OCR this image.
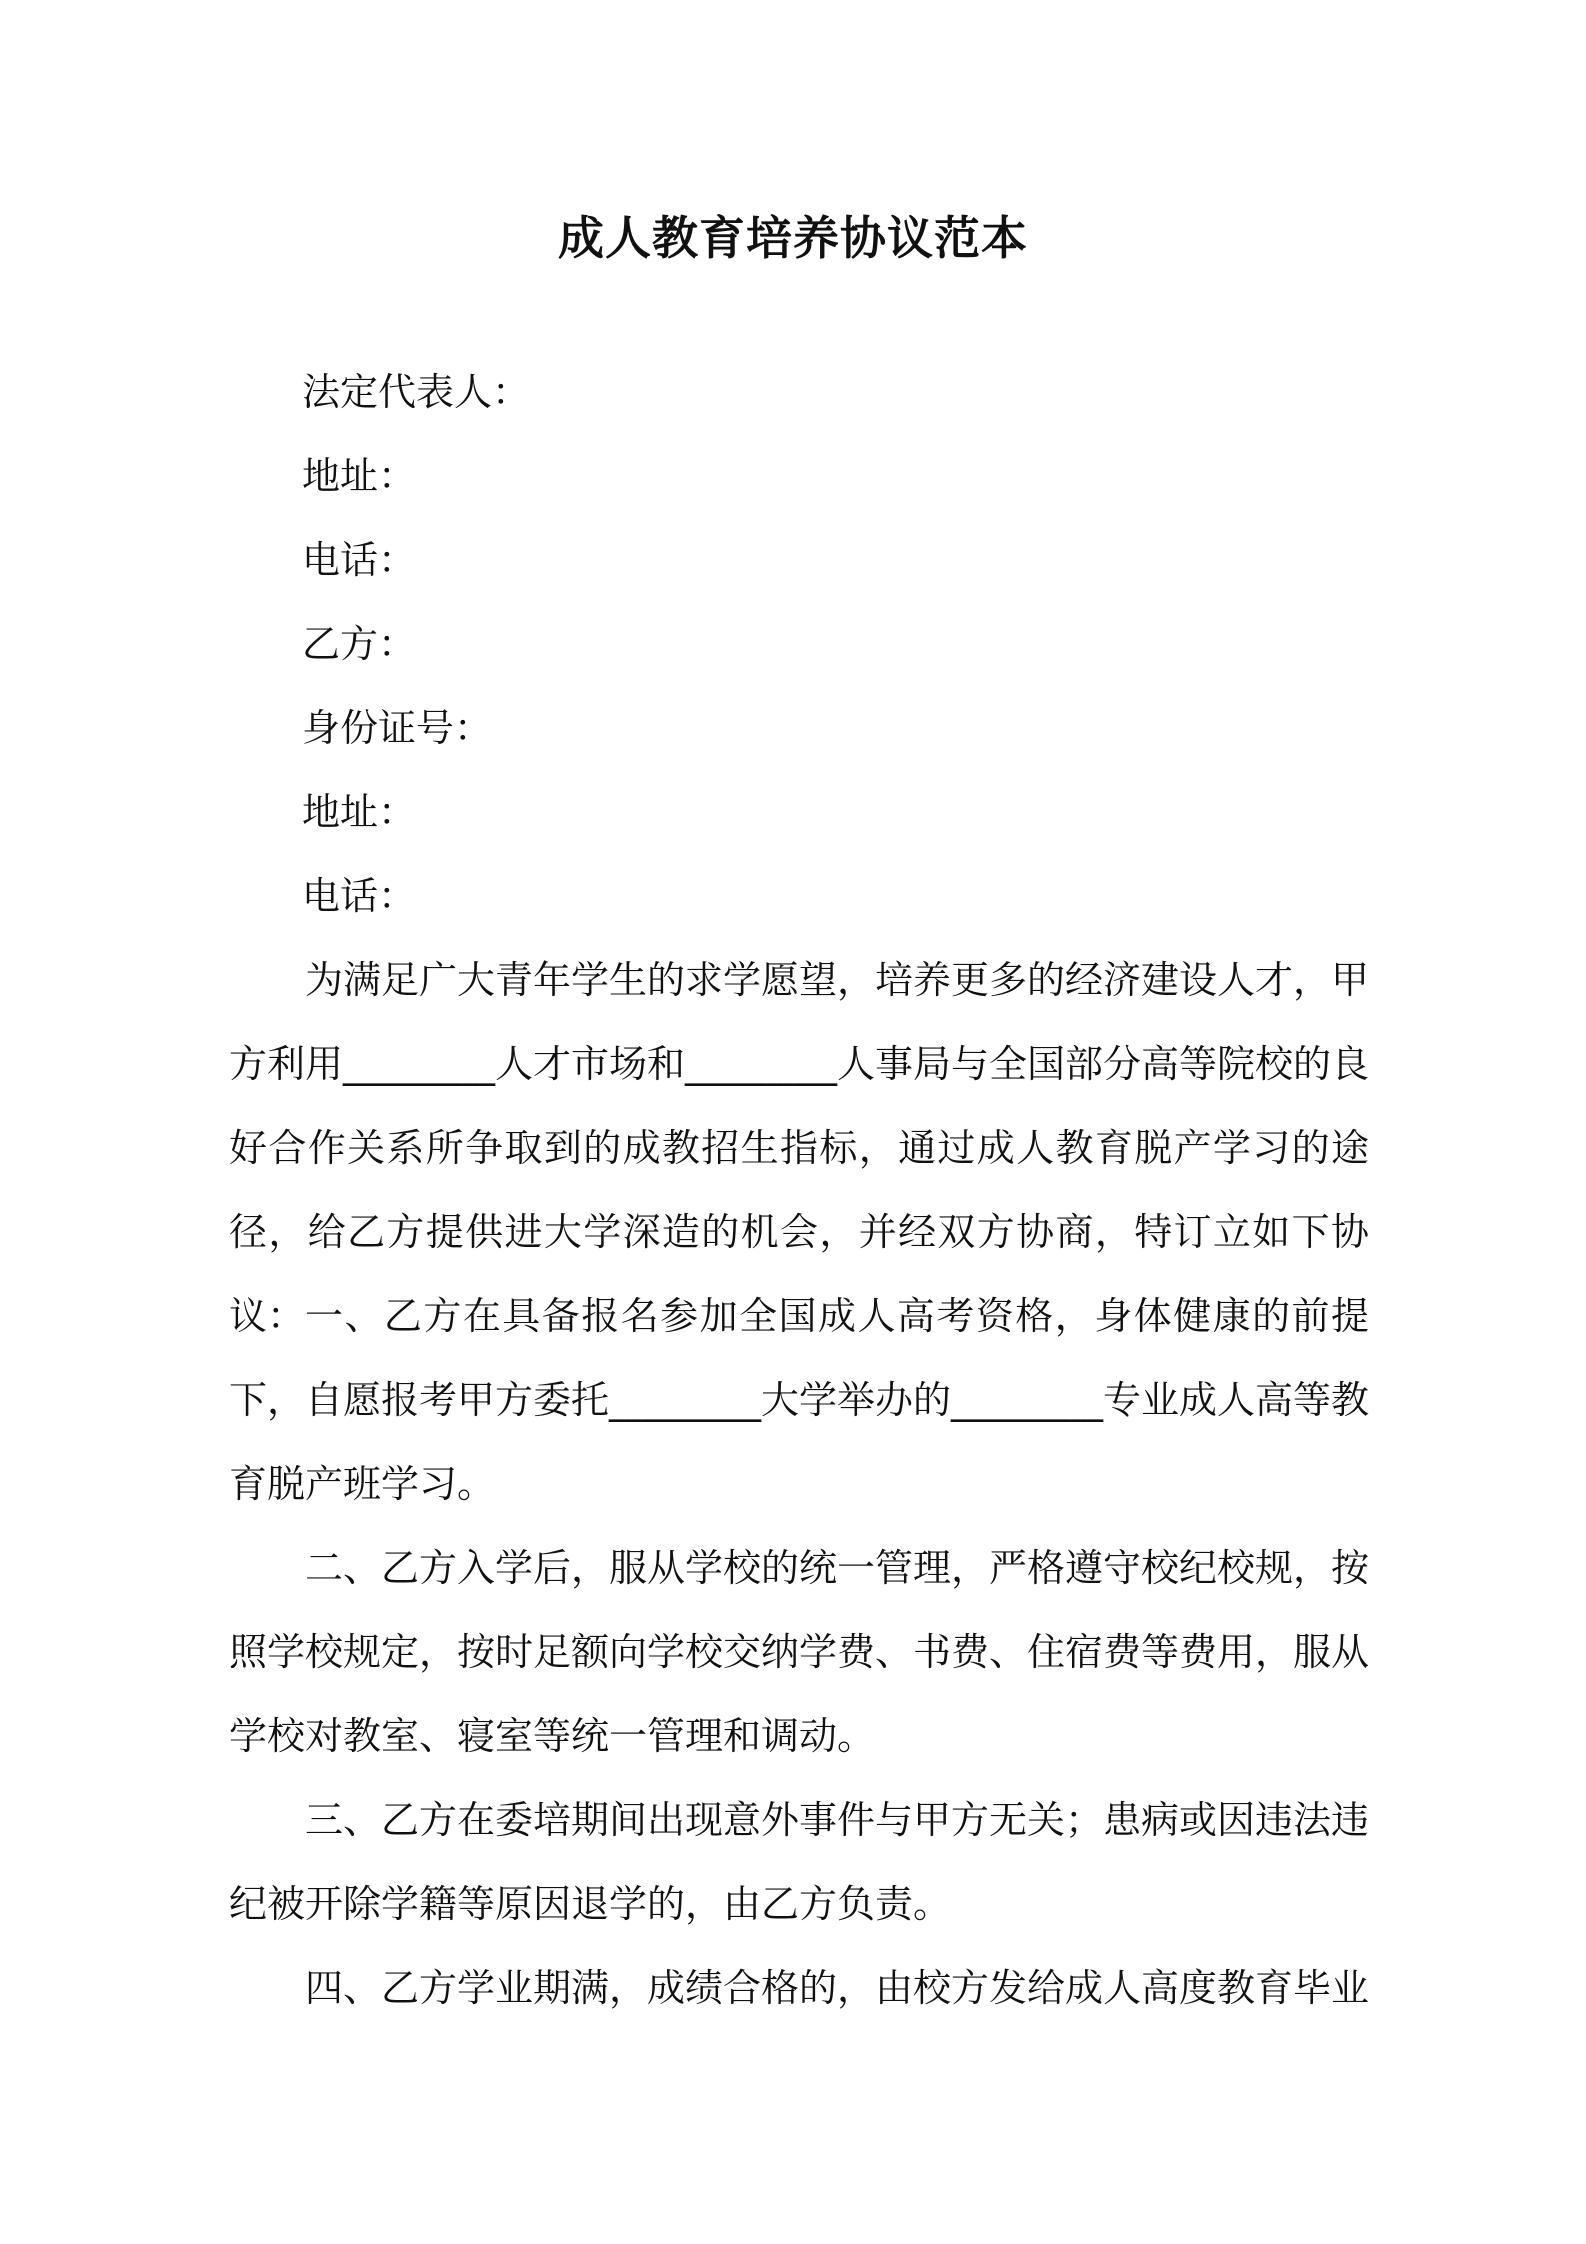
成人教育培养协议范本
法定代表人：
地址：
电话：
乙方：
身份证号：
地址：
电话：

为满足广大青年学生的求学愿望，培养更多的经济建设人才，甲方利用________人才市场和________人事局与全国部分高等院校的良好合作关系所争取到的成教招生指标，通过成人教育脱产学习的途径，给乙方提供进大学深造的机会，并经双方协商，特订立如下协议： 一、乙方在具备报名参加全国成人高考资格，身体健康的前提下，自愿报考甲方委托________大学举办的________专业成人高等教育脱产班学习。

二、乙方入学后，服从学校的统一管理，严格遵守校纪校规，按照学校规定，按时足额向学校交纳学费、书费、住宿费等费用，服从学校对教室、寝室等统一管理和调动。

三、乙方在委培期间出现意外事件与甲方无关；患病或因违法违纪被开除学籍等原因退学的，由乙方负责。

四、乙方学业期满，成绩合格的，由校方发给成人高度教育毕业
